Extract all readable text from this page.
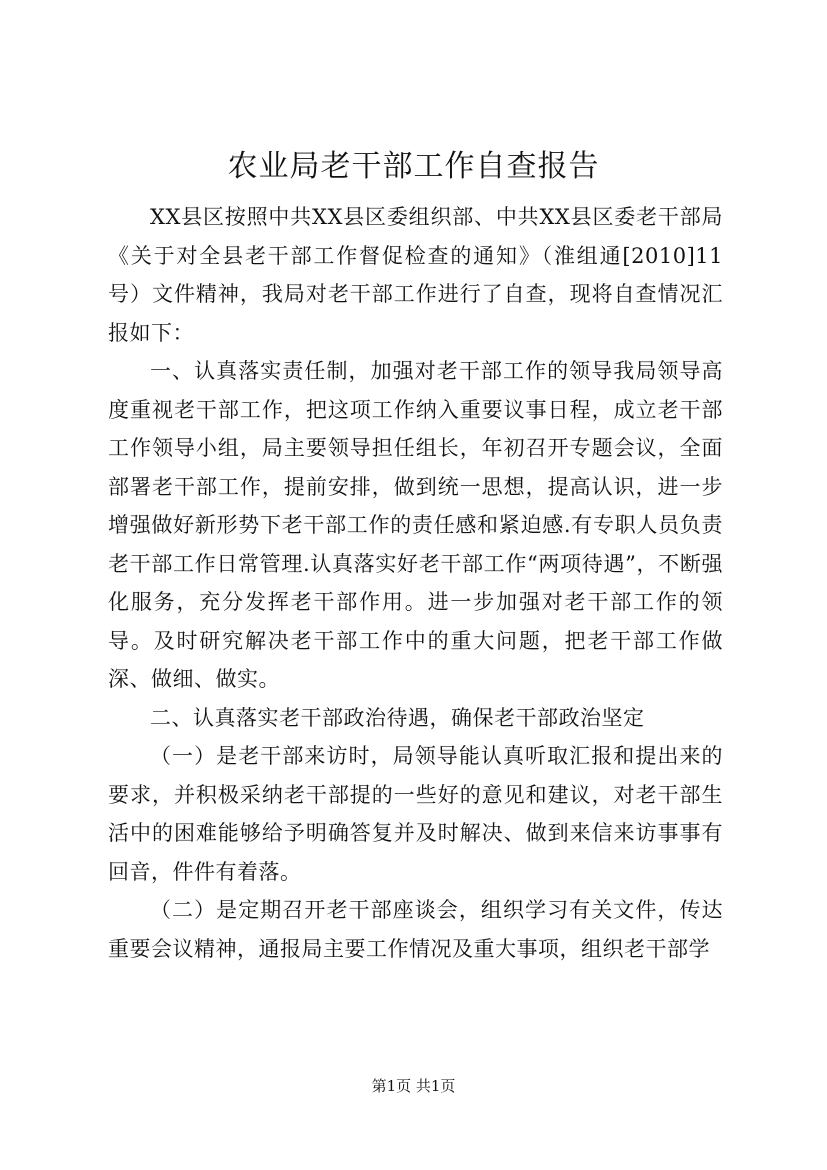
农业局老干部工作自查报告

XX县区按照中共XX县区委组织部、中共XX县区委老干部局《关于对全县老干部工作督促检查的通知》（淮组通[2010]11号）文件精神，我局对老干部工作进行了自查，现将自查情况汇报如下：

一、认真落实责任制，加强对老干部工作的领导我局领导高度重视老干部工作，把这项工作纳入重要议事日程，成立老干部工作领导小组，局主要领导担任组长，年初召开专题会议，全面部署老干部工作，提前安排，做到统一思想，提高认识，进一步增强做好新形势下老干部工作的责任感和紧迫感.有专职人员负责老干部工作日常管理.认真落实好老干部工作“两项待遇”，不断强化服务，充分发挥老干部作用。进一步加强对老干部工作的领导。及时研究解决老干部工作中的重大问题，把老干部工作做深、做细、做实。

二、认真落实老干部政治待遇，确保老干部政治坚定

（一）是老干部来访时，局领导能认真听取汇报和提出来的要求，并积极采纳老干部提的一些好的意见和建议，对老干部生活中的困难能够给予明确答复并及时解决、做到来信来访事事有回音，件件有着落。

（二）是定期召开老干部座谈会，组织学习有关文件，传达重要会议精神，通报局主要工作情况及重大事项，组织老干部学

第1页 共1页
